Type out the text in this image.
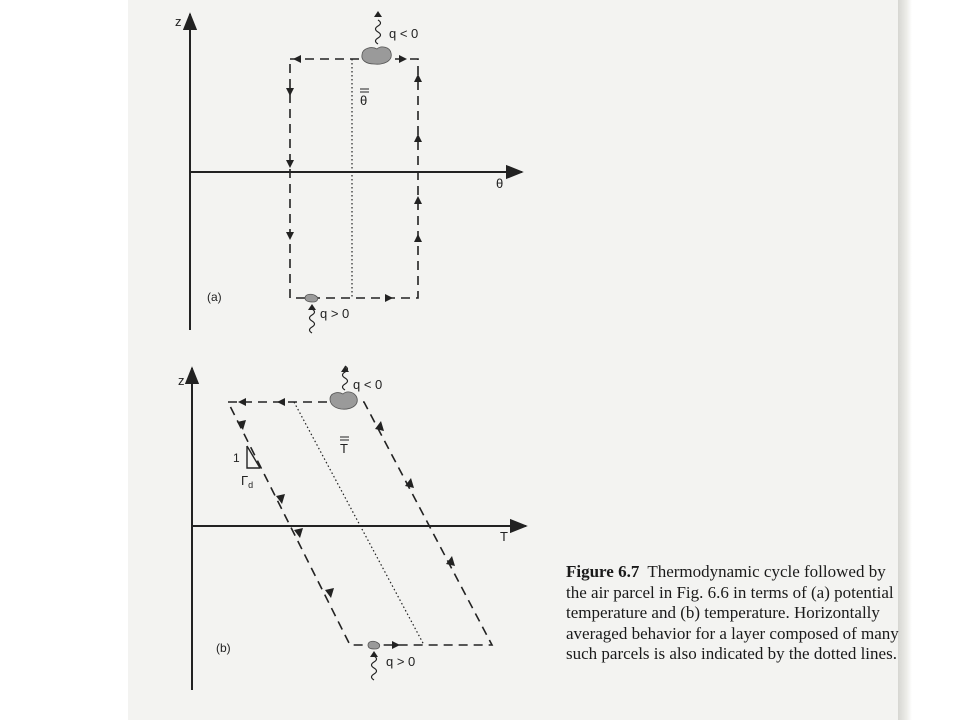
z
θ
q < 0
q > 0
θ
(a)
z
T
1
$\Gamma_d$
q < 0
q > 0
T
(b)
Figure 6.7 Thermodynamic cycle followed by the air parcel in Fig. 6.6 in terms of (a) potential temperature and (b) temperature. Horizontally averaged behavior for a layer composed of many such parcels is also indicated by the dotted lines.
